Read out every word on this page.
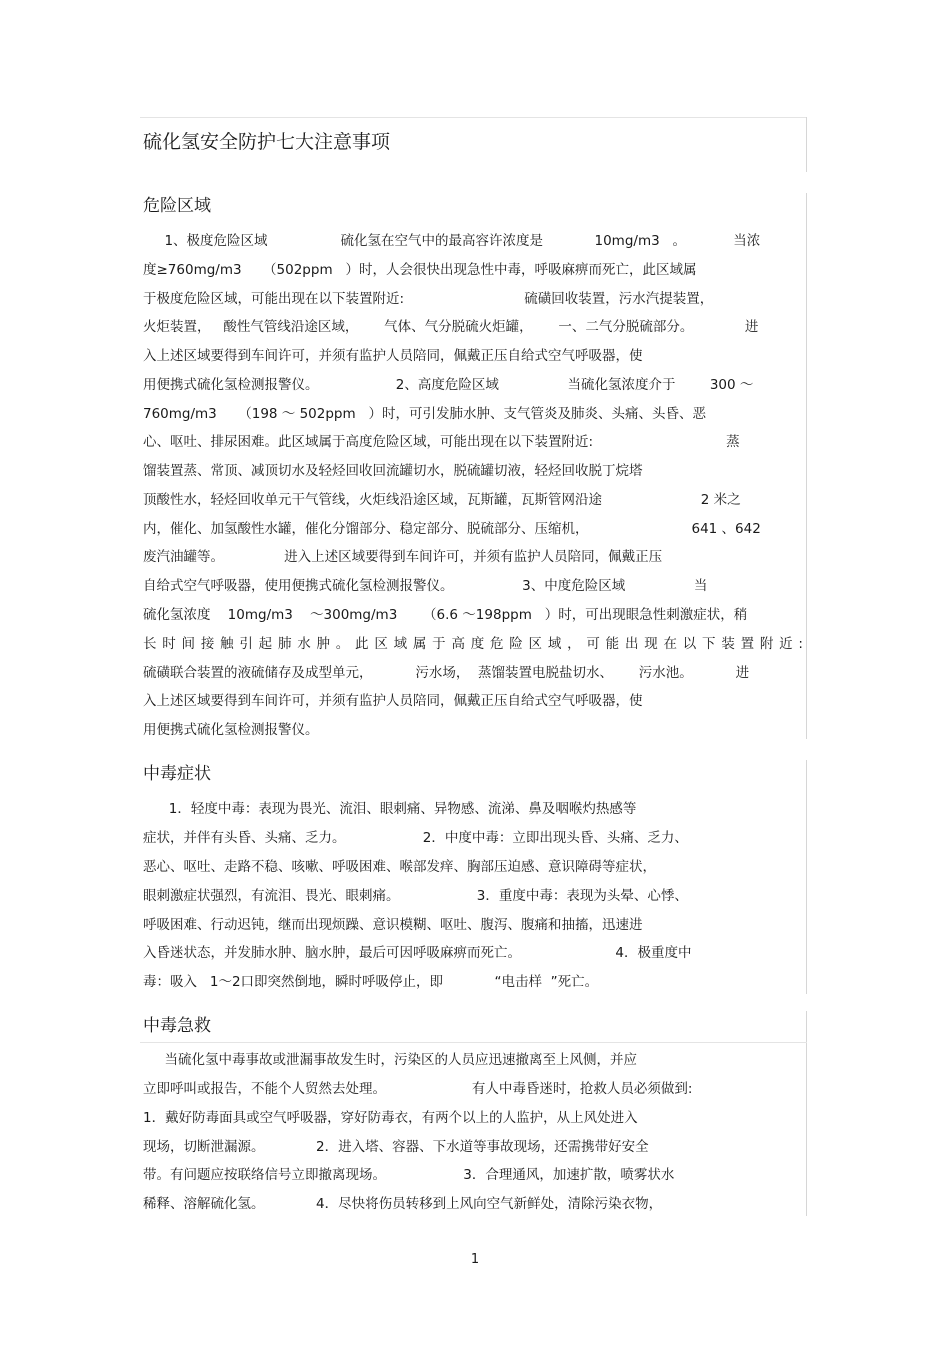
硫化氢安全防护七大注意事项
危险区域
1、极度危险区域                 硫化氢在空气中的最高容许浓度是            10mg/m3   。           当浓
度≥760mg/m3     （502ppm   ）时，人会很快出现急性中毒，呼吸麻痹而死亡，此区域属
于极度危险区域，可能出现在以下装置附近:                            硫磺回收装置，污水汽提装置，
火炬装置，   酸性气管线沿途区域，      气体、气分脱硫火炬罐，      一、二气分脱硫部分。            进
入上述区域要得到车间许可，并须有监护人员陪同，佩戴正压自给式空气呼吸器，使
用便携式硫化氢检测报警仪。                  2、高度危险区域                当硫化氢浓度介于        300 ～
760mg/m3     （198 ～ 502ppm   ）时，可引发肺水肿、支气管炎及肺炎、头痛、头昏、恶
心、呕吐、排尿困难。此区域属于高度危险区域，可能出现在以下装置附近:                               蒸
馏装置蒸、常顶、减顶切水及轻烃回收回流罐切水，脱硫罐切液，轻烃回收脱丁烷塔
顶酸性水，轻烃回收单元干气管线，火炬线沿途区域，瓦斯罐，瓦斯管网沿途                       2 米之
内，催化、加氢酸性水罐，催化分馏部分、稳定部分、脱硫部分、压缩机，                        641 、642
废汽油罐等。              进入上述区域要得到车间许可，并须有监护人员陪同，佩戴正压
自给式空气呼吸器，使用便携式硫化氢检测报警仪。                3、中度危险区域                当
硫化氢浓度    10mg/m3    ～300mg/m3      （6.6 ～198ppm   ）时，可出现眼急性刺激症状，稍
长时间接触引起肺水肿。此区域属于高度危险区域，可能出现在以下装置附近:
硫磺联合装置的液硫储存及成型单元，          污水场，  蒸馏装置电脱盐切水、      污水池。          进
入上述区域要得到车间许可，并须有监护人员陪同，佩戴正压自给式空气呼吸器，使
用便携式硫化氢检测报警仪。
中毒症状
1．轻度中毒：表现为畏光、流泪、眼刺痛、异物感、流涕、鼻及咽喉灼热感等
症状，并伴有头昏、头痛、乏力。                  2．中度中毒：立即出现头昏、头痛、乏力、
恶心、呕吐、走路不稳、咳嗽、呼吸困难、喉部发痒、胸部压迫感、意识障碍等症状，
眼刺激症状强烈，有流泪、畏光、眼刺痛。                  3．重度中毒：表现为头晕、心悸、
呼吸困难、行动迟钝，继而出现烦躁、意识模糊、呕吐、腹泻、腹痛和抽搐，迅速进
入昏迷状态，并发肺水肿、脑水肿，最后可因呼吸麻痹而死亡。                      4．极重度中
毒：吸入   1～2口即突然倒地，瞬时呼吸停止，即            “电击样  ”死亡。
中毒急救
当硫化氢中毒事故或泄漏事故发生时，污染区的人员应迅速撤离至上风侧，并应
立即呼叫或报告，不能个人贸然去处理。                    有人中毒昏迷时，抢救人员必须做到:
1．戴好防毒面具或空气呼吸器，穿好防毒衣，有两个以上的人监护，从上风处进入
现场，切断泄漏源。            2．进入塔、容器、下水道等事故现场，还需携带好安全
带。有问题应按联络信号立即撤离现场。                  3．合理通风，加速扩散，喷雾状水
稀释、溶解硫化氢。            4．尽快将伤员转移到上风向空气新鲜处，清除污染衣物，
1
